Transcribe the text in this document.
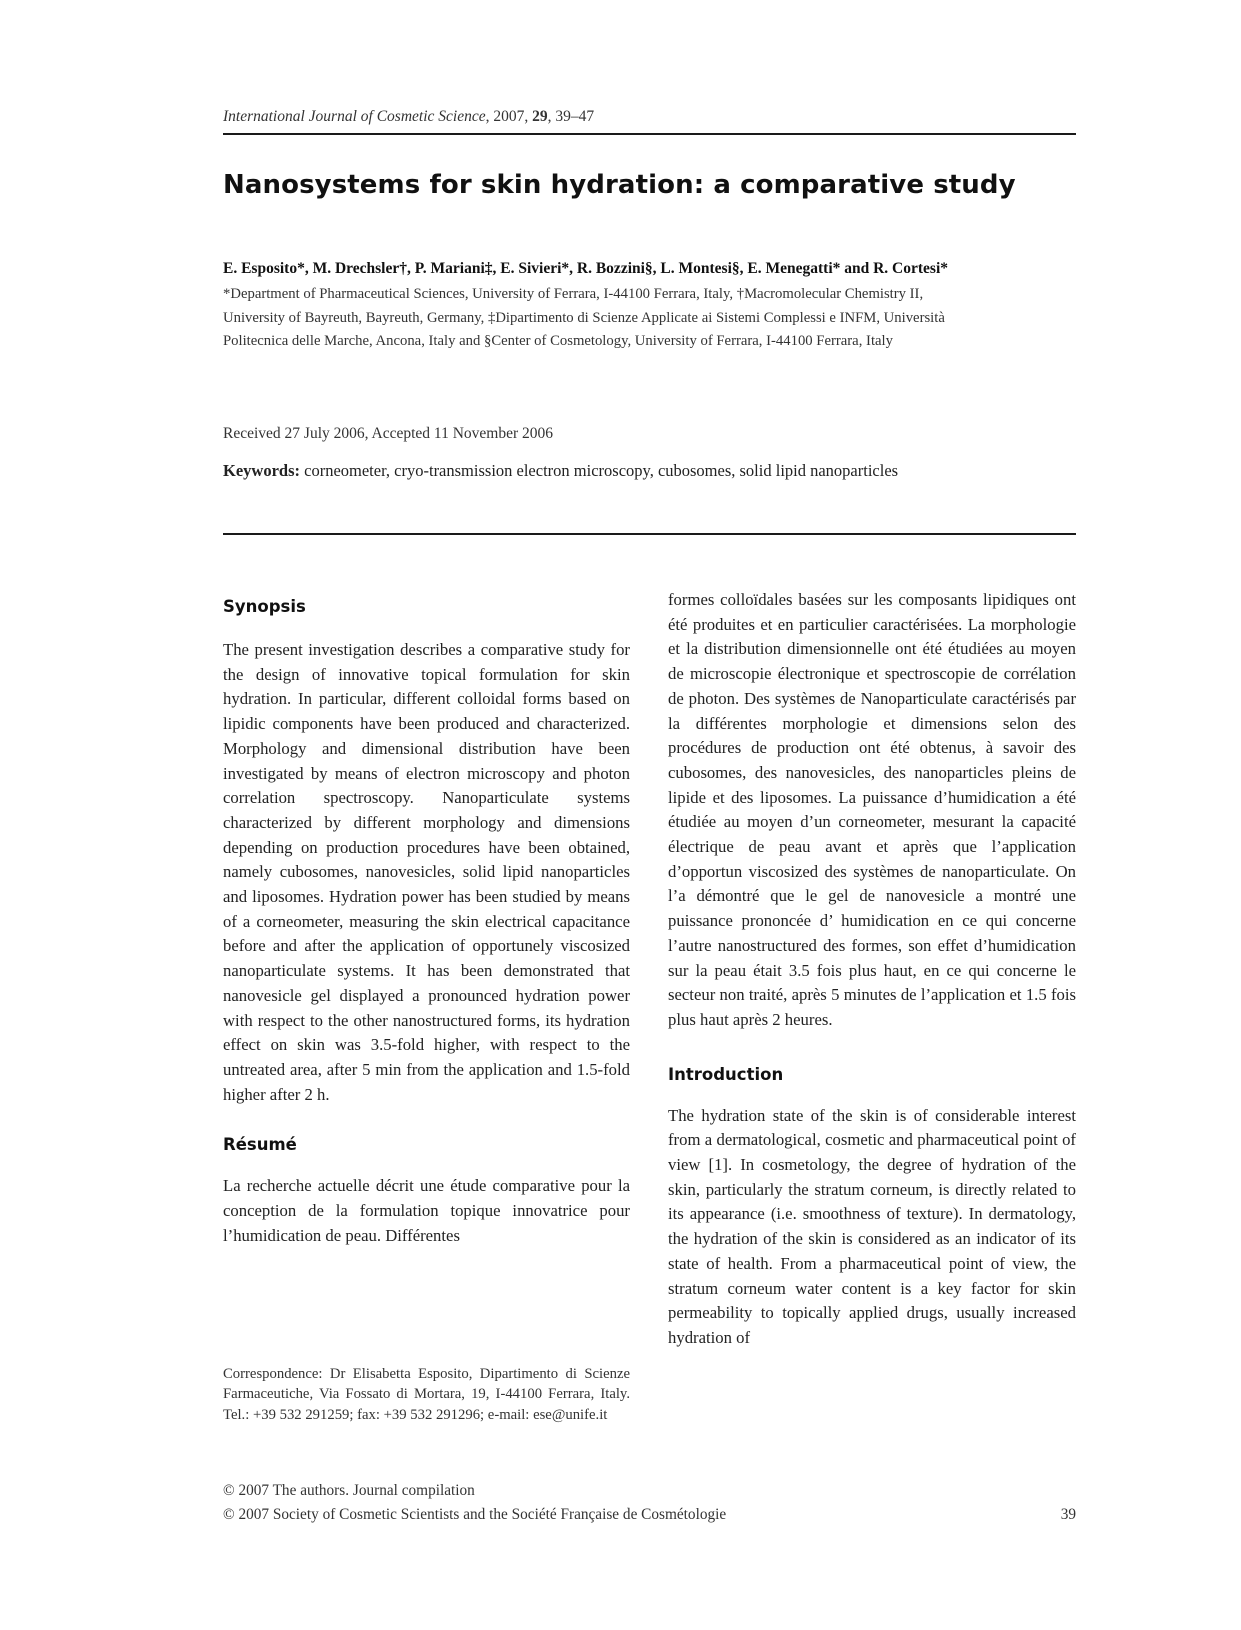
International Journal of Cosmetic Science, 2007, 29, 39–47
Nanosystems for skin hydration: a comparative study
E. Esposito*, M. Drechsler†, P. Mariani‡, E. Sivieri*, R. Bozzini§, L. Montesi§, E. Menegatti* and R. Cortesi*
*Department of Pharmaceutical Sciences, University of Ferrara, I-44100 Ferrara, Italy, †Macromolecular Chemistry II,
University of Bayreuth, Bayreuth, Germany, ‡Dipartimento di Scienze Applicate ai Sistemi Complessi e INFM, Università
Politecnica delle Marche, Ancona, Italy and §Center of Cosmetology, University of Ferrara, I-44100 Ferrara, Italy
Received 27 July 2006, Accepted 11 November 2006
Keywords: corneometer, cryo-transmission electron microscopy, cubosomes, solid lipid nanoparticles
Synopsis

The present investigation describes a comparative study for the design of innovative topical formulation for skin hydration. In particular, different colloidal forms based on lipidic components have been produced and characterized. Morphology and dimensional distribution have been investigated by means of electron microscopy and photon correlation spectroscopy. Nanoparticulate systems characterized by different morphology and dimensions depending on production procedures have been obtained, namely cubosomes, nanovesicles, solid lipid nanoparticles and liposomes. Hydration power has been studied by means of a corneometer, measuring the skin electrical capacitance before and after the application of opportunely viscosized nanoparticulate systems. It has been demonstrated that nanovesicle gel displayed a pronounced hydration power with respect to the other nanostructured forms, its hydration effect on skin was 3.5-fold higher, with respect to the untreated area, after 5 min from the application and 1.5-fold higher after 2 h.

Résumé

La recherche actuelle décrit une étude comparative pour la conception de la formulation topique innovatrice pour l’humidication de peau. Différentes

formes colloïdales basées sur les composants lipidiques ont été produites et en particulier caractérisées. La morphologie et la distribution dimensionnelle ont été étudiées au moyen de microscopie électronique et spectroscopie de corrélation de photon. Des systèmes de Nanoparticulate caractérisés par la différentes morphologie et dimensions selon des procédures de production ont été obtenus, à savoir des cubosomes, des nanovesicles, des nanoparticles pleins de lipide et des liposomes. La puissance d’humidication a été étudiée au moyen d’un corneometer, mesurant la capacité électrique de peau avant et après que l’application d’opportun viscosized des systèmes de nanoparticulate. On l’a démontré que le gel de nanovesicle a montré une puissance prononcée d’ humidication en ce qui concerne l’autre nanostructured des formes, son effet d’humidication sur la peau était 3.5 fois plus haut, en ce qui concerne le secteur non traité, après 5 minutes de l’application et 1.5 fois plus haut après 2 heures.

Introduction

The hydration state of the skin is of considerable interest from a dermatological, cosmetic and pharmaceutical point of view [1]. In cosmetology, the degree of hydration of the skin, particularly the stratum corneum, is directly related to its appearance (i.e. smoothness of texture). In dermatology, the hydration of the skin is considered as an indicator of its state of health. From a pharmaceutical point of view, the stratum corneum water content is a key factor for skin permeability to topically applied drugs, usually increased hydration of

Correspondence: Dr Elisabetta Esposito, Dipartimento di Scienze Farmaceutiche, Via Fossato di Mortara, 19, I-44100 Ferrara, Italy. Tel.: +39 532 291259; fax: +39 532 291296; e-mail: ese@unife.it

© 2007 The authors. Journal compilation
© 2007 Society of Cosmetic Scientists and the Société Française de Cosmétologie	39
